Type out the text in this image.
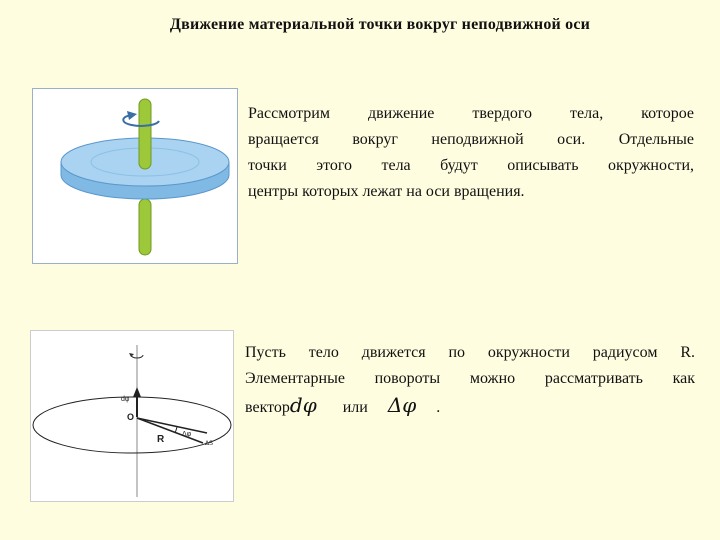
Движение материальной точки вокруг неподвижной оси
dφ
O
R	Δφ
ΔS
Рассмотрим движение твердого тела, которое
вращается вокруг неподвижной оси. Отдельные
точки этого тела будут описывать окружности,
центры которых лежат на оси вращения.
Пусть тело движется по окружности радиусом R.
Элементарные повороты можно рассматривать как
векторdφ или Δφ .
